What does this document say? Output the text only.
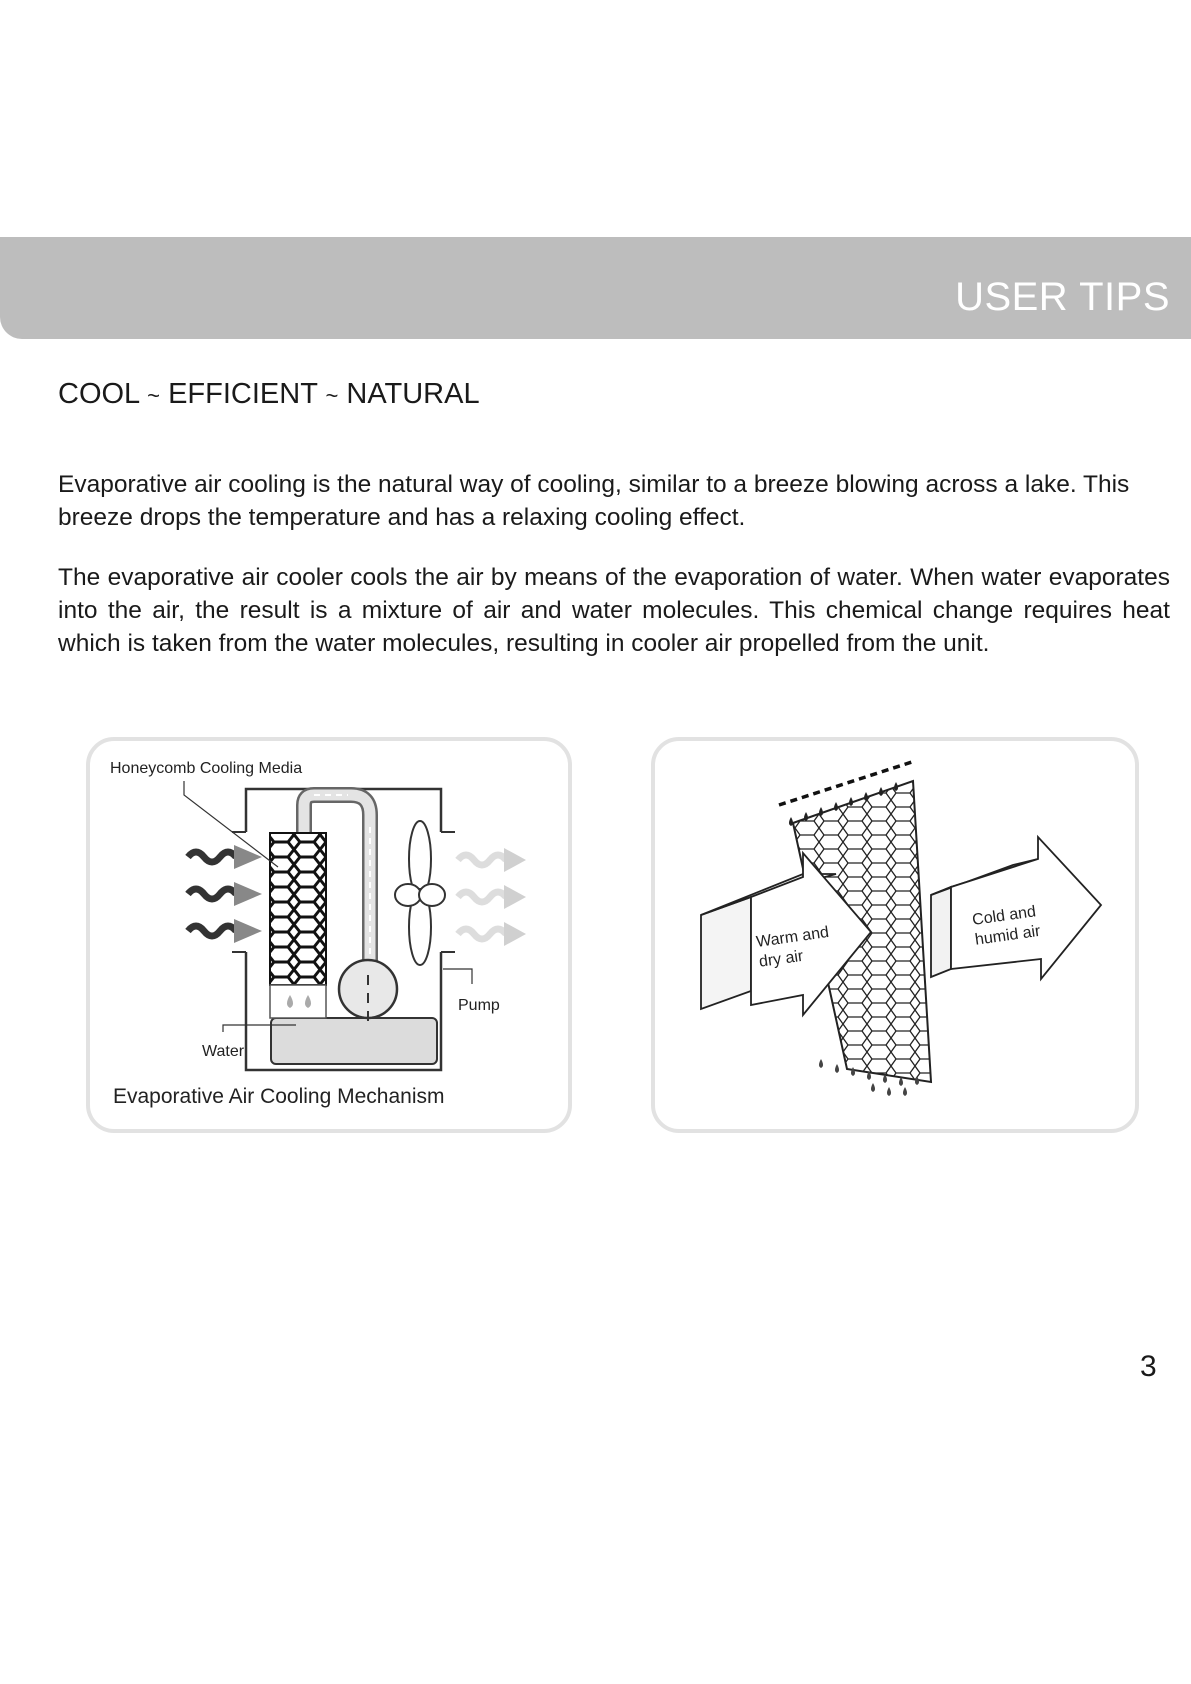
USER TIPS
COOL ~ EFFICIENT ~ NATURAL

Evaporative air cooling is the natural way of cooling, similar to a breeze blowing across a lake. This breeze drops the temperature and has a relaxing cooling effect.

The evaporative air cooler cools the air by means of the evaporation of water. When water evaporates into the air, the result is a mixture of air and water molecules. This chemical change requires heat which is taken from the water molecules, resulting in cooler air propelled from the unit.

Honeycomb Cooling Media
Pump
Water
Evaporative Air Cooling Mechanism
Warm and
dry air
Cold and
humid air
3
